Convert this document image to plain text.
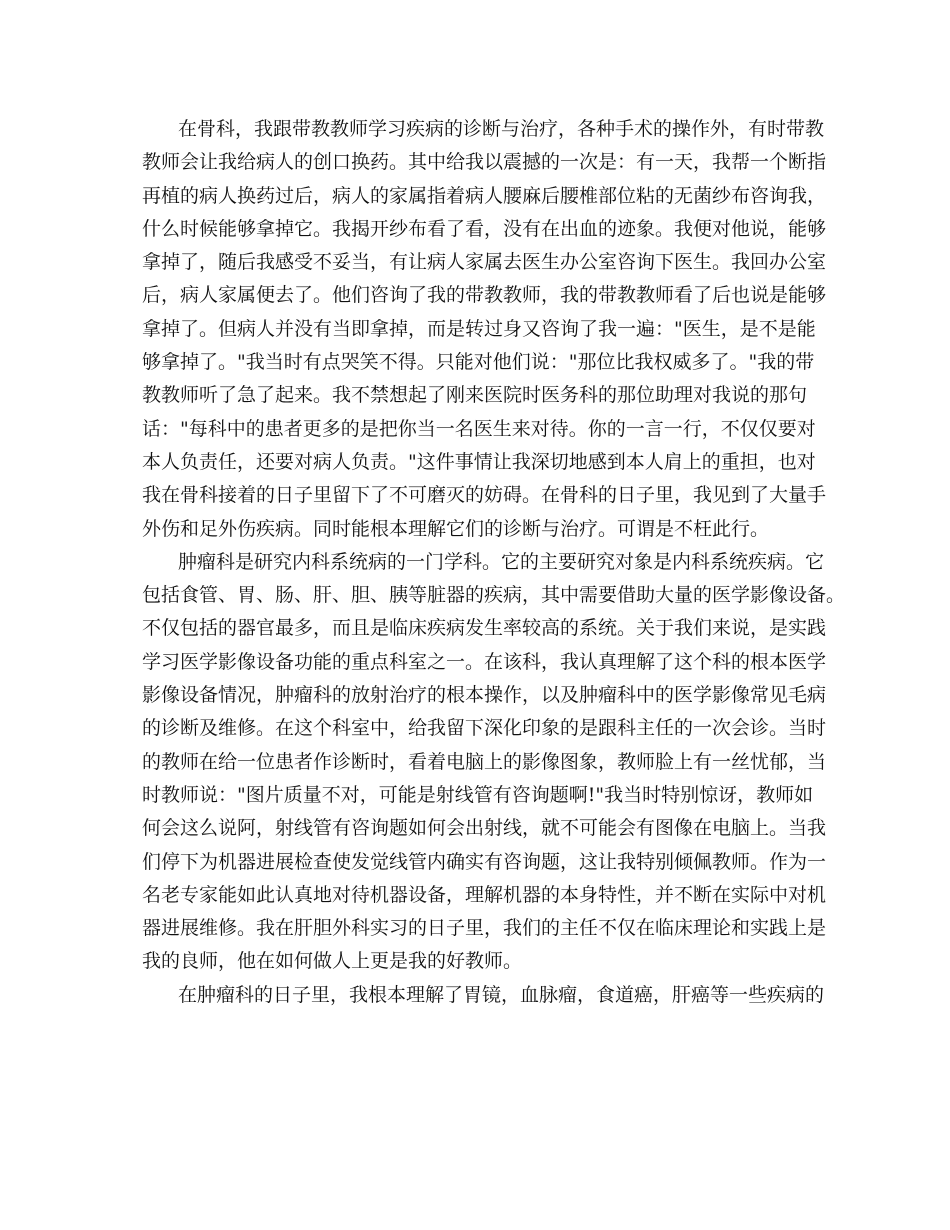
在骨科，我跟带教教师学习疾病的诊断与治疗，各种手术的操作外，有时带教
教师会让我给病人的创口换药。其中给我以震撼的一次是：有一天，我帮一个断指
再植的病人换药过后，病人的家属指着病人腰麻后腰椎部位粘的无菌纱布咨询我，
什么时候能够拿掉它。我揭开纱布看了看，没有在出血的迹象。我便对他说，能够
拿掉了，随后我感受不妥当，有让病人家属去医生办公室咨询下医生。我回办公室
后，病人家属便去了。他们咨询了我的带教教师，我的带教教师看了后也说是能够
拿掉了。但病人并没有当即拿掉，而是转过身又咨询了我一遍："医生，是不是能
够拿掉了。"我当时有点哭笑不得。只能对他们说："那位比我权威多了。"我的带
教教师听了急了起来。我不禁想起了刚来医院时医务科的那位助理对我说的那句
话："每科中的患者更多的是把你当一名医生来对待。你的一言一行，不仅仅要对
本人负责任，还要对病人负责。"这件事情让我深切地感到本人肩上的重担，也对
我在骨科接着的日子里留下了不可磨灭的妨碍。在骨科的日子里，我见到了大量手
外伤和足外伤疾病。同时能根本理解它们的诊断与治疗。可谓是不枉此行。
肿瘤科是研究内科系统病的一门学科。它的主要研究对象是内科系统疾病。它
包括食管、胃、肠、肝、胆、胰等脏器的疾病，其中需要借助大量的医学影像设备。
不仅包括的器官最多，而且是临床疾病发生率较高的系统。关于我们来说，是实践
学习医学影像设备功能的重点科室之一。在该科，我认真理解了这个科的根本医学
影像设备情况，肿瘤科的放射治疗的根本操作，以及肿瘤科中的医学影像常见毛病
的诊断及维修。在这个科室中，给我留下深化印象的是跟科主任的一次会诊。当时
的教师在给一位患者作诊断时，看着电脑上的影像图象，教师脸上有一丝忧郁，当
时教师说："图片质量不对，可能是射线管有咨询题啊!"我当时特别惊讶，教师如
何会这么说阿，射线管有咨询题如何会出射线，就不可能会有图像在电脑上。当我
们停下为机器进展检查使发觉线管内确实有咨询题，这让我特别倾佩教师。作为一
名老专家能如此认真地对待机器设备，理解机器的本身特性，并不断在实际中对机
器进展维修。我在肝胆外科实习的日子里，我们的主任不仅在临床理论和实践上是
我的良师，他在如何做人上更是我的好教师。
在肿瘤科的日子里，我根本理解了胃镜，血脉瘤，食道癌，肝癌等一些疾病的
